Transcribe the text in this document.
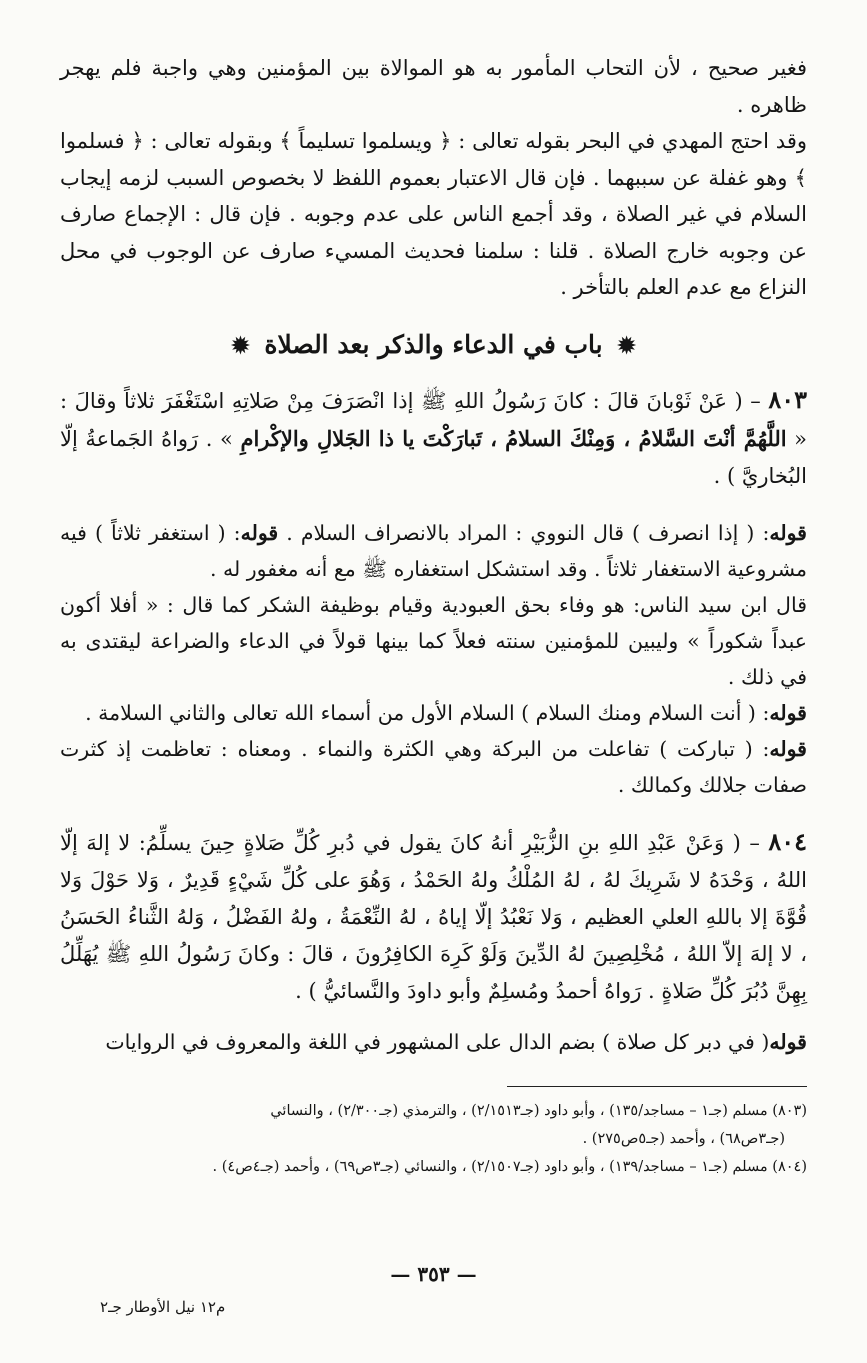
فغير صحيح ، لأن التحاب المأمور به هو الموالاة بين المؤمنين وهي واجبة فلم يهجر ظاهره .

وقد احتج المهدي في البحر بقوله تعالى : ﴿ ويسلموا تسليماً ﴾ وبقوله تعالى : ﴿ فسلموا ﴾ وهو غفلة عن سببهما . فإن قال الاعتبار بعموم اللفظ لا بخصوص السبب لزمه إيجاب السلام في غير الصلاة ، وقد أجمع الناس على عدم وجوبه . فإن قال : الإجماع صارف عن وجوبه خارج الصلاة . قلنا : سلمنا فحديث المسيء صارف عن الوجوب في محل النزاع مع عدم العلم بالتأخر .

✹ باب في الدعاء والذكر بعد الصلاة ✹

٨٠٣ – ( عَنْ ثَوْبانَ قالَ : كانَ رَسُولُ اللهِ ﷺ إذا انْصَرَفَ مِنْ صَلاتِهِ اسْتَغْفَرَ ثلاثاً وقالَ : « اللَّهُمَّ أنْتَ السَّلامُ ، وَمِنْكَ السلامُ ، تَبارَكْتَ يا ذا الجَلالِ والإكْرامِ » . رَواهُ الجَماعةُ إلّا البُخاريَّ ) .

قوله: ( إذا انصرف ) قال النووي : المراد بالانصراف السلام . قوله: ( استغفر ثلاثاً ) فيه مشروعية الاستغفار ثلاثاً . وقد استشكل استغفاره ﷺ مع أنه مغفور له .

قال ابن سيد الناس: هو وفاء بحق العبودية وقيام بوظيفة الشكر كما قال : « أفلا أكون عبداً شكوراً » وليبين للمؤمنين سنته فعلاً كما بينها قولاً في الدعاء والضراعة ليقتدى به في ذلك .

قوله: ( أنت السلام ومنك السلام ) السلام الأول من أسماء الله تعالى والثاني السلامة .

قوله: ( تباركت ) تفاعلت من البركة وهي الكثرة والنماء . ومعناه : تعاظمت إذ كثرت صفات جلالك وكمالك .

٨٠٤ – ( وَعَنْ عَبْدِ اللهِ بنِ الزُّبَيْرِ أنهُ كانَ يقول في دُبرِ كُلِّ صَلاةٍ حِينَ يسلِّمُ: لا إلهَ إلّا اللهُ ، وَحْدَهُ لا شَرِيكَ لهُ ، لهُ المُلْكُ ولهُ الحَمْدُ ، وَهُوَ على كُلِّ شَيْءٍ قَدِيرٌ ، وَلا حَوْلَ وَلا قُوَّةَ إلا باللهِ العلي العظيم ، وَلا نَعْبُدُ إلّا إياهُ ، لهُ النِّعْمَةُ ، ولهُ الفَضْلُ ، وَلهُ الثَّناءُ الحَسَنُ ، لا إلهَ إلاّ اللهُ ، مُخْلِصِينَ لهُ الدِّينَ وَلَوْ كَرِهَ الكافِرُونَ ، قالَ : وكانَ رَسُولُ اللهِ ﷺ يُهَلِّلُ بِهِنَّ دُبُرَ كُلِّ صَلاةٍ . رَواهُ أحمدُ ومُسلِمٌ وأبو داودَ والنَّسائيُّ ) .

قوله( في دبر كل صلاة ) بضم الدال على المشهور في اللغة والمعروف في الروايات

(٨٠٣) مسلم (جـ١ – مساجد/١٣٥) ، وأبو داود (جـ٢/١٥١٣) ، والترمذي (جـ٢/٣٠٠) ، والنسائي

(جـ٣ص٦٨) ، وأحمد (جـ٥ص٢٧٥) .

(٨٠٤) مسلم (جـ١ – مساجد/١٣٩) ، وأبو داود (جـ٢/١٥٠٧) ، والنسائي (جـ٣ص٦٩) ، وأحمد (جـ٤ص٤) .

— ٣٥٣ —
م١٢ نيل الأوطار جـ٢
